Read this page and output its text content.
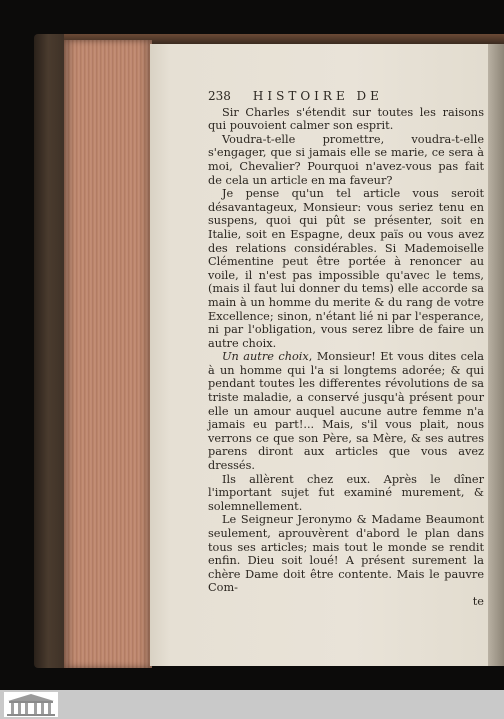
238 HISTOIRE DE

Sir Charles s'étendit sur toutes les raisons qui pouvoient calmer son esprit.

Voudra-t-elle promettre, voudra-t-elle s'engager, que si jamais elle se marie, ce sera à moi, Chevalier? Pourquoi n'avez-vous pas fait de cela un article en ma faveur?

Je pense qu'un tel article vous seroit désavantageux, Monsieur: vous seriez tenu en suspens, quoi qui pût se présenter, soit en Italie, soit en Espagne, deux païs ou vous avez des relations considérables. Si Mademoiselle Clémentine peut être portée à renoncer au voile, il n'est pas impossible qu'avec le tems, (mais il faut lui donner du tems) elle accorde sa main à un homme du merite & du rang de votre Excellence; sinon, n'étant lié ni par l'esperance, ni par l'obligation, vous serez libre de faire un autre choix.

Un autre choix, Monsieur! Et vous dites cela à un homme qui l'a si longtems adorée; & qui pendant toutes les differentes révolutions de sa triste maladie, a conservé jusqu'à présent pour elle un amour auquel aucune autre femme n'a jamais eu part!... Mais, s'il vous plait, nous verrons ce que son Père, sa Mère, & ses autres parens diront aux articles que vous avez dressés.

Ils allèrent chez eux. Après le dîner l'important sujet fut examiné murement, & solemnellement.

Le Seigneur Jeronymo & Madame Beaumont seulement, aprouvèrent d'abord le plan dans tous ses articles; mais tout le monde se rendit enfin. Dieu soit loué! A présent surement la chère Dame doit être contente. Mais le pauvre Com-

te
